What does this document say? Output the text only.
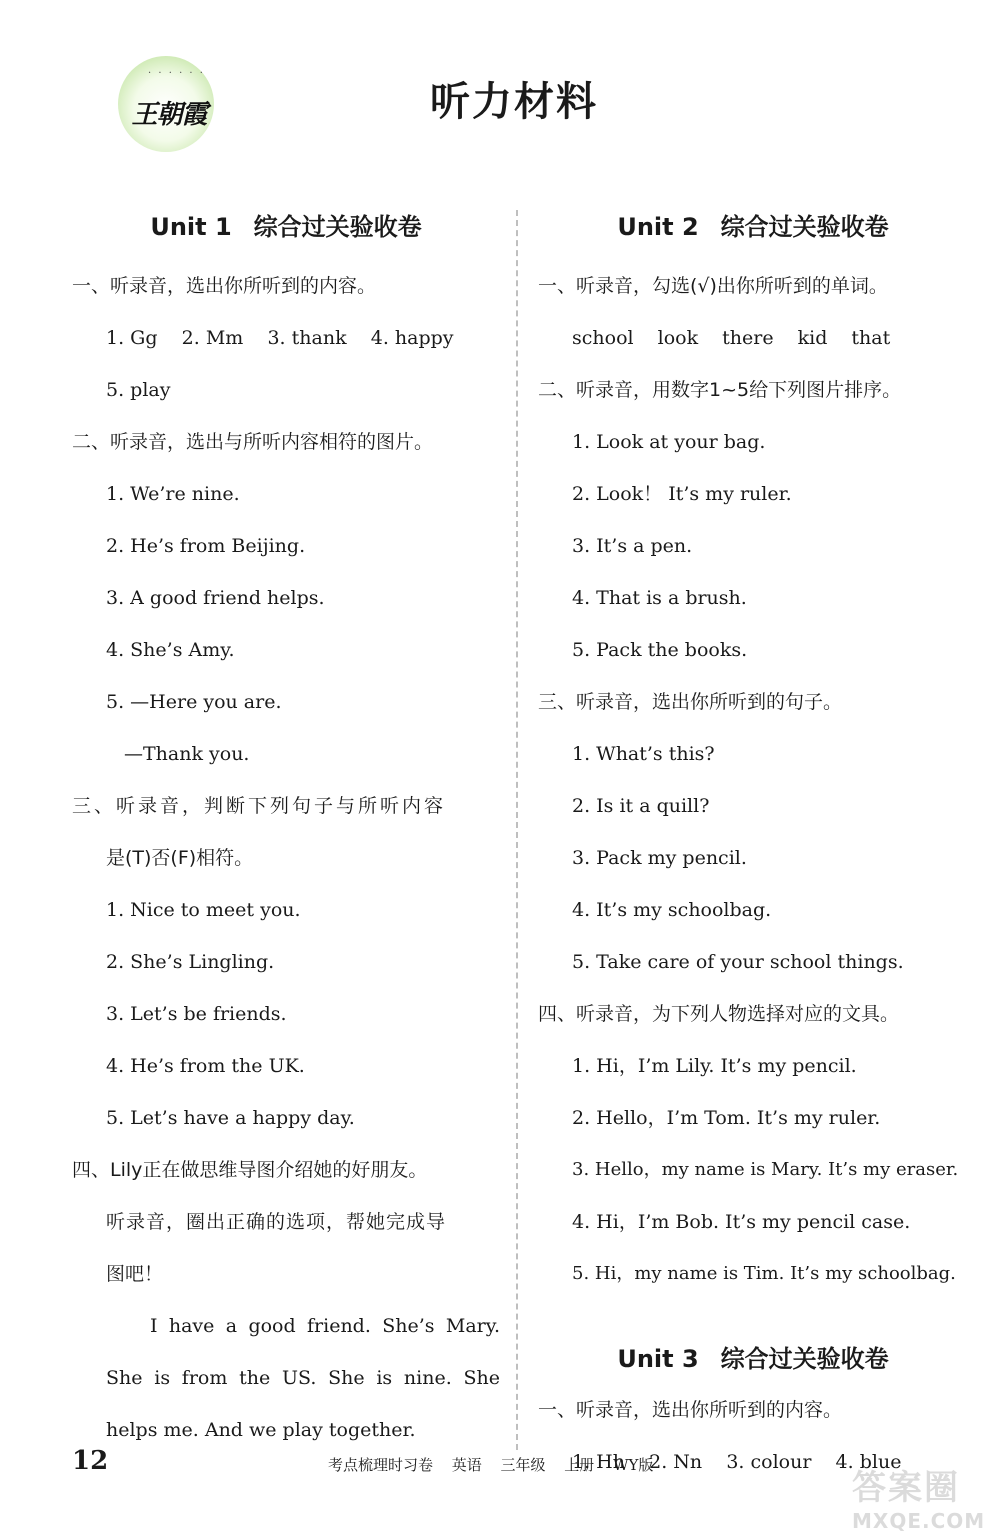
· · · · · ·
王朝霞	听力材料
Unit 1 综合过关验收卷
一、听录音，选出你所听到的内容。
1. Gg    2. Mm    3. thank    4. happy
5. play
二、听录音，选出与所听内容相符的图片。
1. We’re nine.
2. He’s from Beijing.
3. A good friend helps.
4. She’s Amy.
5. —Here you are.
—Thank you.
三、听录音，判断下列句子与所听内容
是(T)否(F)相符。
1. Nice to meet you.
2. She’s Lingling.
3. Let’s be friends.
4. He’s from the UK.
5. Let’s have a happy day.
四、Lily正在做思维导图介绍她的好朋友。
听录音，圈出正确的选项，帮她完成导
图吧！
I have a good friend. She’s Mary.
She is from the US. She is nine. She
helps me. And we play together.
Unit 2 综合过关验收卷
一、听录音，勾选(√)出你所听到的单词。
school look there kid that
二、听录音，用数字1~5给下列图片排序。
1. Look at your bag.
2. Look！ It’s my ruler.
3. It’s a pen.
4. That is a brush.
5. Pack the books.
三、听录音，选出你所听到的句子。
1. What’s this?
2. Is it a quill?
3. Pack my pencil.
4. It’s my schoolbag.
5. Take care of your school things.
四、听录音，为下列人物选择对应的文具。
1. Hi，I’m Lily. It’s my pencil.
2. Hello，I’m Tom. It’s my ruler.
3. Hello，my name is Mary. It’s my eraser.
4. Hi，I’m Bob. It’s my pencil case.
5. Hi，my name is Tim. It’s my schoolbag.
Unit 3 综合过关验收卷
一、听录音，选出你所听到的内容。
1. Hh    2. Nn    3. colour    4. blue
12	考点梳理时习卷 英语 三年级 上册 WY版
答案圈
MXQE.COM
